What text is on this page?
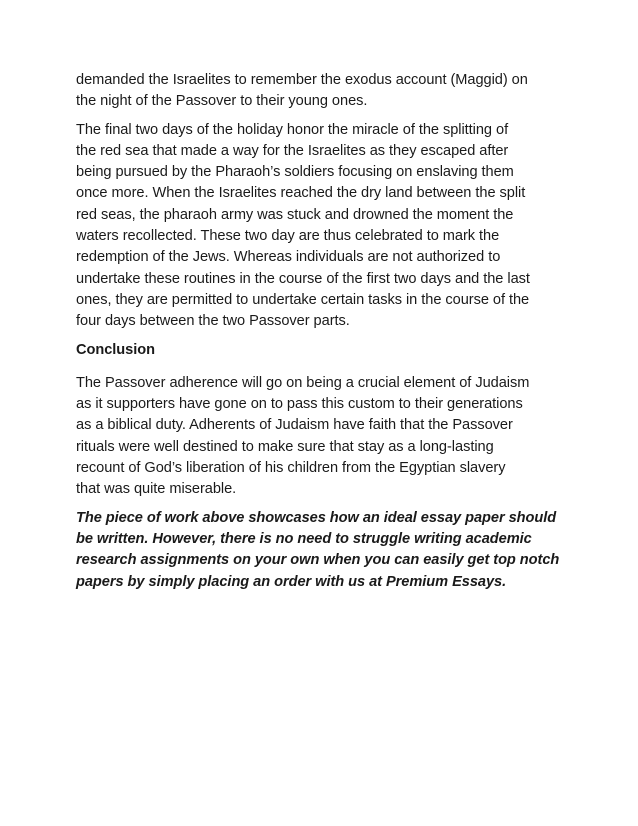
demanded the Israelites to remember the exodus account (Maggid) on
the night of the Passover to their young ones.
The final two days of the holiday honor the miracle of the splitting of
the red sea that made a way for the Israelites as they escaped after
being pursued by the Pharaoh’s soldiers focusing on enslaving them
once more. When the Israelites reached the dry land between the split
red seas, the pharaoh army was stuck and drowned the moment the
waters recollected. These two day are thus celebrated to mark the
redemption of the Jews. Whereas individuals are not authorized to
undertake these routines in the course of the first two days and the last
ones, they are permitted to undertake certain tasks in the course of the
four days between the two Passover parts.
Conclusion
The Passover adherence will go on being a crucial element of Judaism
as it supporters have gone on to pass this custom to their generations
as a biblical duty. Adherents of Judaism have faith that the Passover
rituals were well destined to make sure that stay as a long-lasting
recount of God’s liberation of his children from the Egyptian slavery
that was quite miserable.
The piece of work above showcases how an ideal essay paper should
be written. However, there is no need to struggle writing academic
research assignments on your own when you can easily get top notch
papers by simply placing an order with us at Premium Essays.
